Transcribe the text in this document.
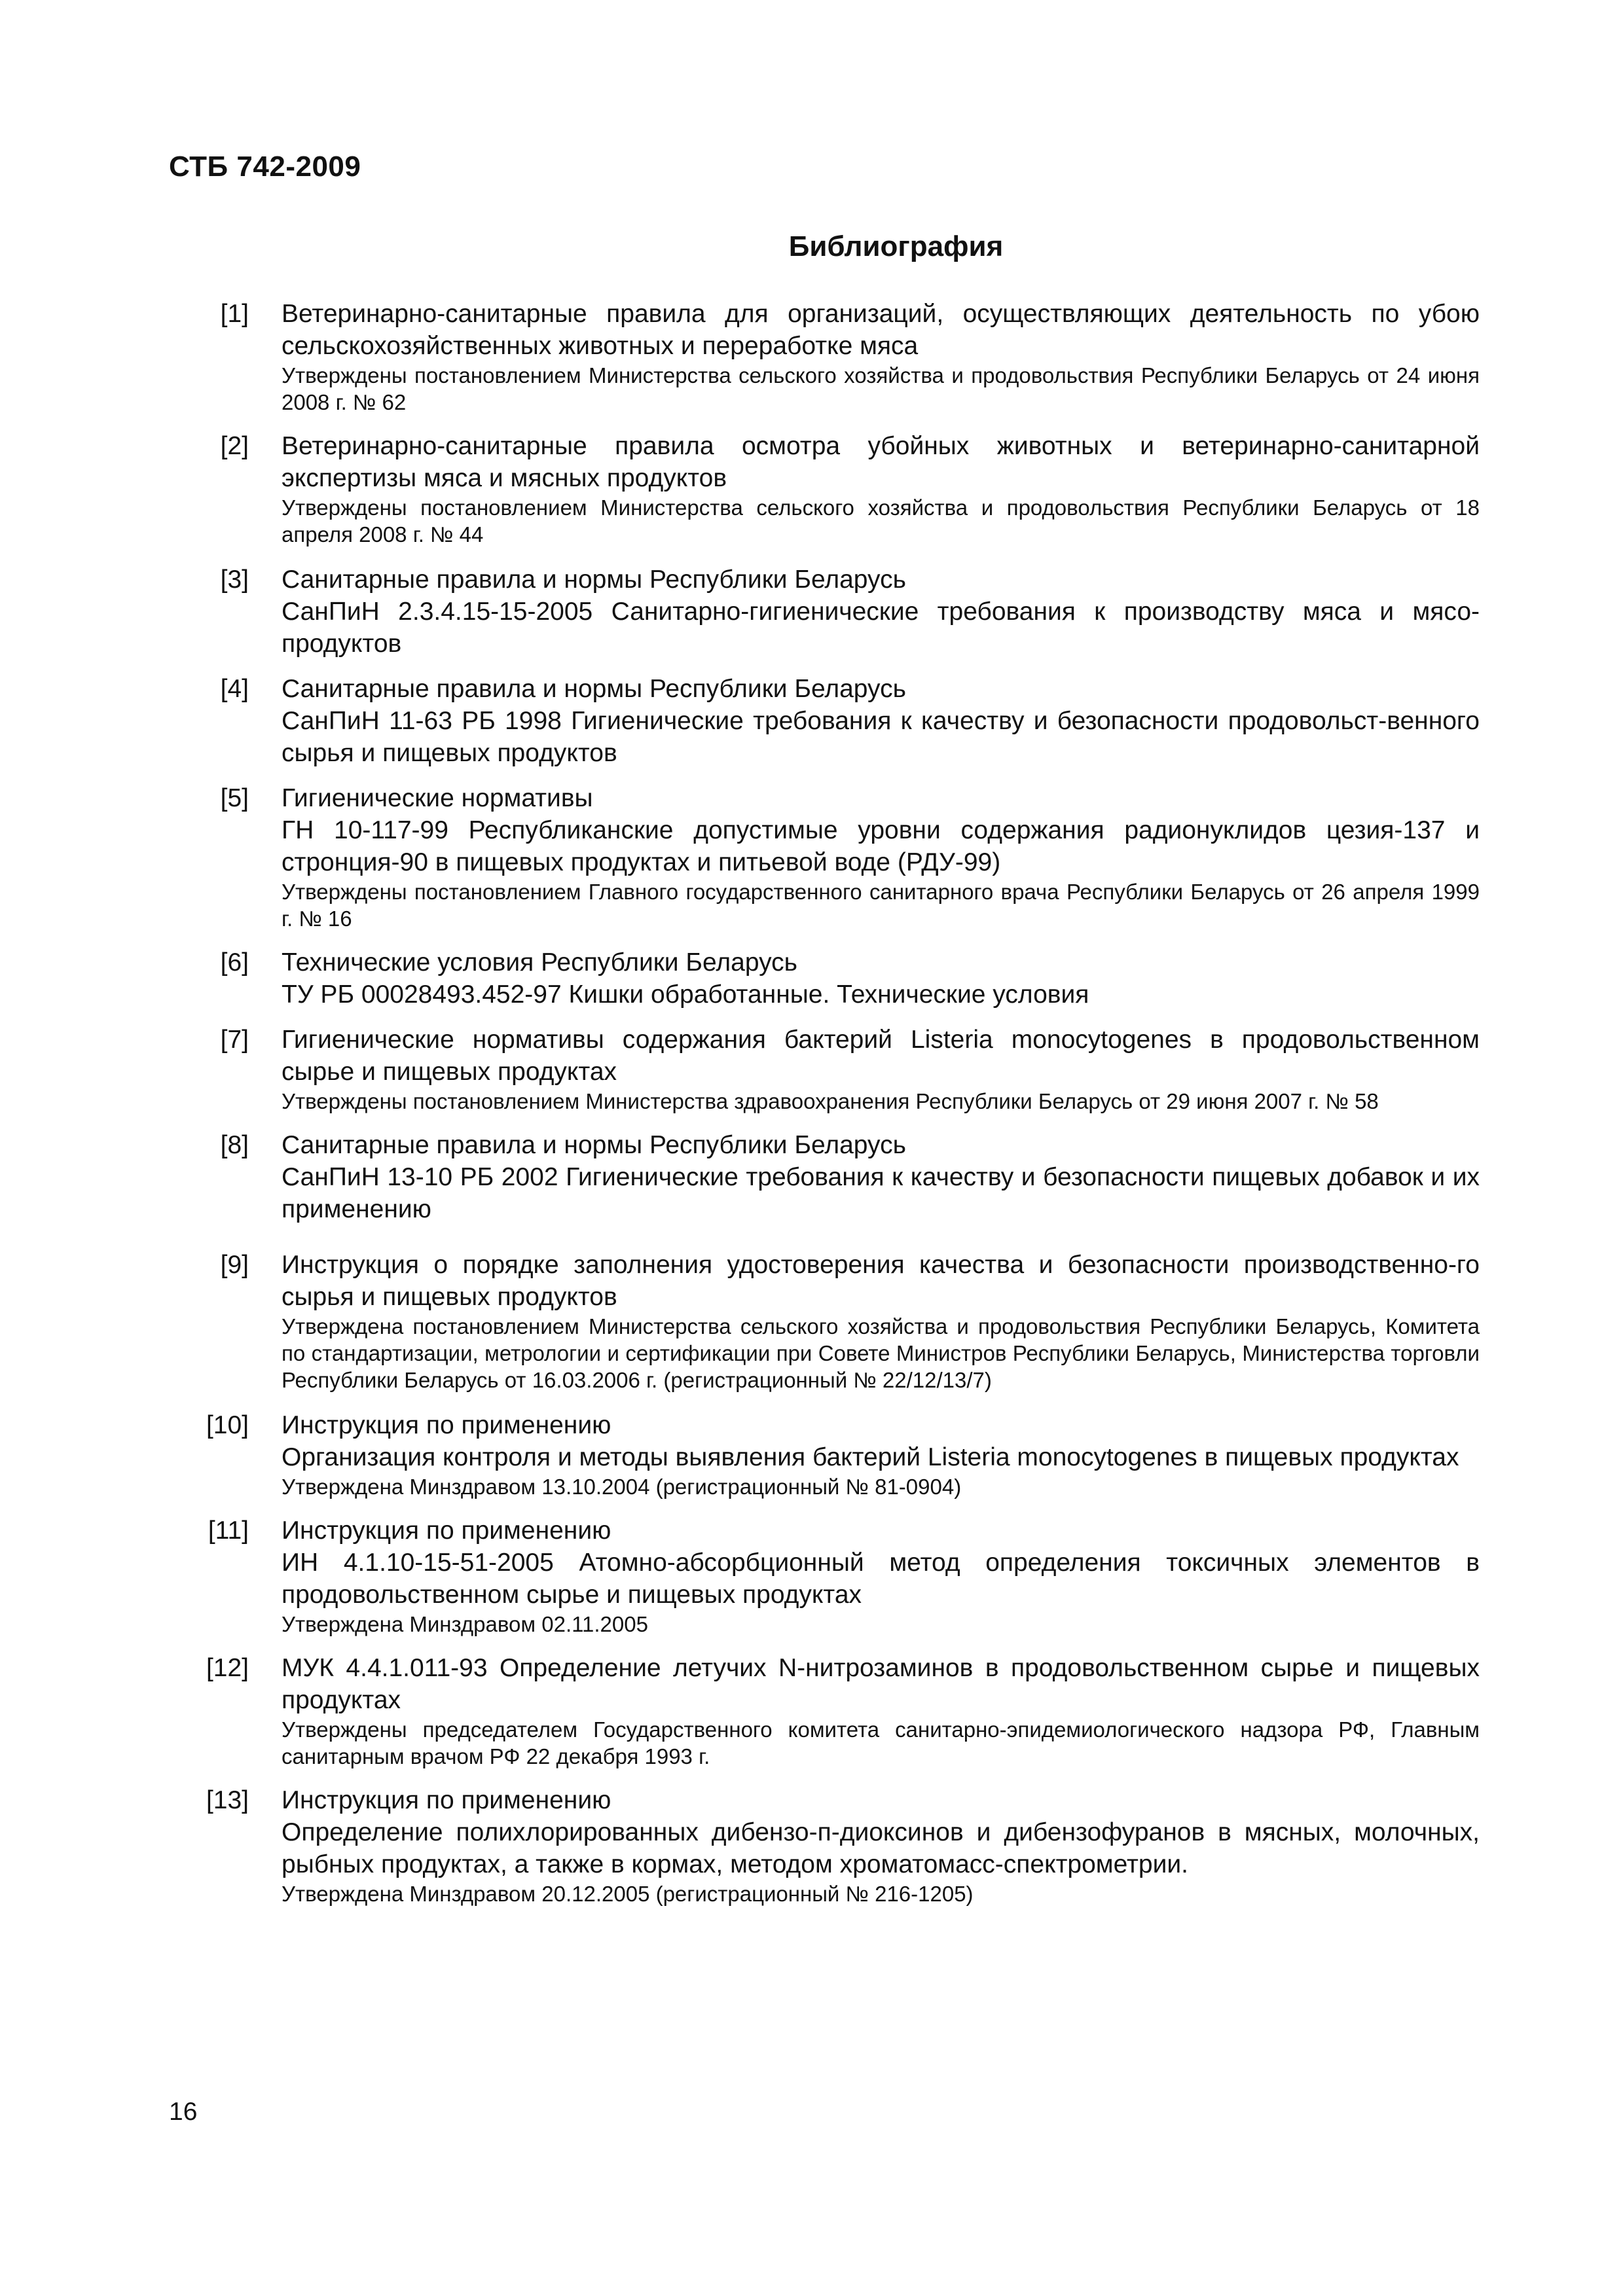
СТБ 742-2009
Библиография
[1] Ветеринарно-санитарные правила для организаций, осуществляющих деятельность по убою сельскохозяйственных животных и переработке мяса
Утверждены постановлением Министерства сельского хозяйства и продовольствия Республики Беларусь от 24 июня 2008 г. № 62
[2] Ветеринарно-санитарные правила осмотра убойных животных и ветеринарно-санитарной экспертизы мяса и мясных продуктов
Утверждены постановлением Министерства сельского хозяйства и продовольствия Республики Беларусь от 18 апреля 2008 г. № 44
[3] Санитарные правила и нормы Республики Беларусь
СанПиН 2.3.4.15-15-2005 Санитарно-гигиенические требования к производству мяса и мясо-продуктов
[4] Санитарные правила и нормы Республики Беларусь
СанПиН 11-63 РБ 1998 Гигиенические требования к качеству и безопасности продовольст-венного сырья и пищевых продуктов
[5] Гигиенические нормативы
ГН 10-117-99 Республиканские допустимые уровни содержания радионуклидов цезия-137 и стронция-90 в пищевых продуктах и питьевой воде (РДУ-99)
Утверждены постановлением Главного государственного санитарного врача Республики Беларусь от 26 апреля 1999 г. № 16
[6] Технические условия Республики Беларусь
ТУ РБ 00028493.452-97 Кишки обработанные. Технические условия
[7] Гигиенические нормативы содержания бактерий Listeria monocytogenes в продовольственном сырье и пищевых продуктах
Утверждены постановлением Министерства здравоохранения Республики Беларусь от 29 июня 2007 г. № 58
[8] Санитарные правила и нормы Республики Беларусь
СанПиН 13-10 РБ 2002 Гигиенические требования к качеству и безопасности пищевых добавок и их применению
[9] Инструкция о порядке заполнения удостоверения качества и безопасности производственно-го сырья и пищевых продуктов
Утверждена постановлением Министерства сельского хозяйства и продовольствия Республики Беларусь, Комитета по стандартизации, метрологии и сертификации при Совете Министров Республики Беларусь, Министерства торговли Республики Беларусь от 16.03.2006 г. (регистрационный № 22/12/13/7)
[10] Инструкция по применению
Организация контроля и методы выявления бактерий Listeria monocytogenes в пищевых продуктах
Утверждена Минздравом 13.10.2004 (регистрационный № 81-0904)
[11] Инструкция по применению
ИН 4.1.10-15-51-2005 Атомно-абсорбционный метод определения токсичных элементов в продовольственном сырье и пищевых продуктах
Утверждена Минздравом 02.11.2005
[12] МУК 4.4.1.011-93 Определение летучих N-нитрозаминов в продовольственном сырье и пищевых продуктах
Утверждены председателем Государственного комитета санитарно-эпидемиологического надзора РФ, Главным санитарным врачом РФ 22 декабря 1993 г.
[13] Инструкция по применению
Определение полихлорированных дибензо-п-диоксинов и дибензофуранов в мясных, молочных, рыбных продуктах, а также в кормах, методом хроматомасс-спектрометрии.
Утверждена Минздравом 20.12.2005 (регистрационный № 216-1205)
16
